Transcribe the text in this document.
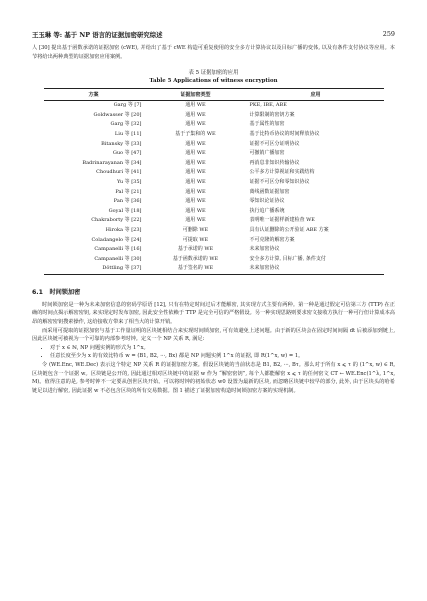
王玉琳 等: 基于 NP 语言的证据加密研究综述	259

人 [30] 提出基于函数承诺的证据加密 (cWE), 并给出了基于 cWE 构造可重复使用的安全多方计算协议以及目标广播的变体, 以及有条件支付协议等应用。本节将给出两种典型的证据加密应用案例。

表 5 证据加密的应用
Table 5 Applications of witness encryption
方案	证据加密类型	应用
Garg 等 [7]	通用 WE	PKE, IBE, ABE
Goldwasser 等 [20]	通用 WE	计算限制的密钥方案
Garg 等 [32]	通用 WE	基于属性的加密
Liu 等 [11]	基于子集和的 WE	基于比特币协议的时间释放协议
Bitansky 等 [33]	通用 WE	证据不可区分证明协议
Guo 等 [47]	通用 WE	可撤销广播加密
Badrinarayanan 等 [34]	通用 WE	再消息非知识传输协议
Choudhuri 等 [41]	通用 WE	公平多方计算视证和实践结构
Yu 等 [35]	通用 WE	证据不可区分和零知识协议
Pal 等 [21]	通用 WE	离线函数证据加密
Pan 等 [36]	通用 WE	零知识论证协议
Goyal 等 [18]	通用 WE	执行追广播系统
Chakraborty 等 [22]	通用 WE	表明唯一证据样新建检查 WE
Hiroka 等 [23]	可删除 WE	具有认证删除的公开验证 ABE 方案
Coladangelo 等 [24]	可提取 WE	不可克隆的解密方案
Campanelli 等 [16]	基于承诺的 WE	未来加密协议
Campanelli 等 [30]	基于函数承诺的 WE	安全多方计算, 目标广播, 条件支付
Döttling 等 [37]	基于签名的 WE	未来加密协议
6.1 时间锁加密

时间锁加密是一种为未来加密信息的密码学原语 [12], 只有在特定时间过后才能解密, 其实现方式主要有两种。第一种是通过假定可信第三方 (TTP) 在正确的时间点揭示解密密钥, 来实现定时发布加密, 因此安全性依赖于 TTP 是完全可信的严格假设。另一种实现思路则要求密文接收方执行一种可行但计算成本高昂的解密密钥搜索操作, 这给接收方带来了相当大的计算开销。

而采用可提取的证据加密与基于工作量证明的区块链相结合来实现时间锁加密, 可有效避免上述问题。由于新的区块会在固定时间间隔 dt 后被添加到链上, 因此区块链可被视为一个可靠的内部参考时钟。定义一个 NP 关系 R, 满足:

• 对于 x ∈ ℕ, NP 问题实例的形式为 1^x。
• 任意长度至少为 x 的有效比特币 w = (B1, B2, ···, Bx) 都是 NP 问题实例 1^x 的证据, 即 R(1^x, w) = 1。

令 (WE.Enc, WE.Dec) 表示这个特定 NP 关系 R 的证据加密方案。假设区块链的当前状态是 B1, B2, ···, Bτ。那么对于所有 x ⩽ τ 的 (1^x, w) ∈ R, 区块链包含一个证据 w。区块链是公开的, 因此通过相对区块链中的证据 w 作为 “解密密钥”, 每个人都能解密 x ⩽ τ 的任何密文 CT ← WE.Enc(1^λ, 1^x, M)。值得注意的是, 参考时钟不一定要从创世区块开始。可以将时钟的初始状态 w0 设置为最新的区块, 而忽略区块链中较早的部分, 此外, 由于区块头的哈希链足以进行解密, 因此证据 w 不必包含区块的所有交易数据。图 1 描述了证据加密构造时间锁加密方案的实现机制。
